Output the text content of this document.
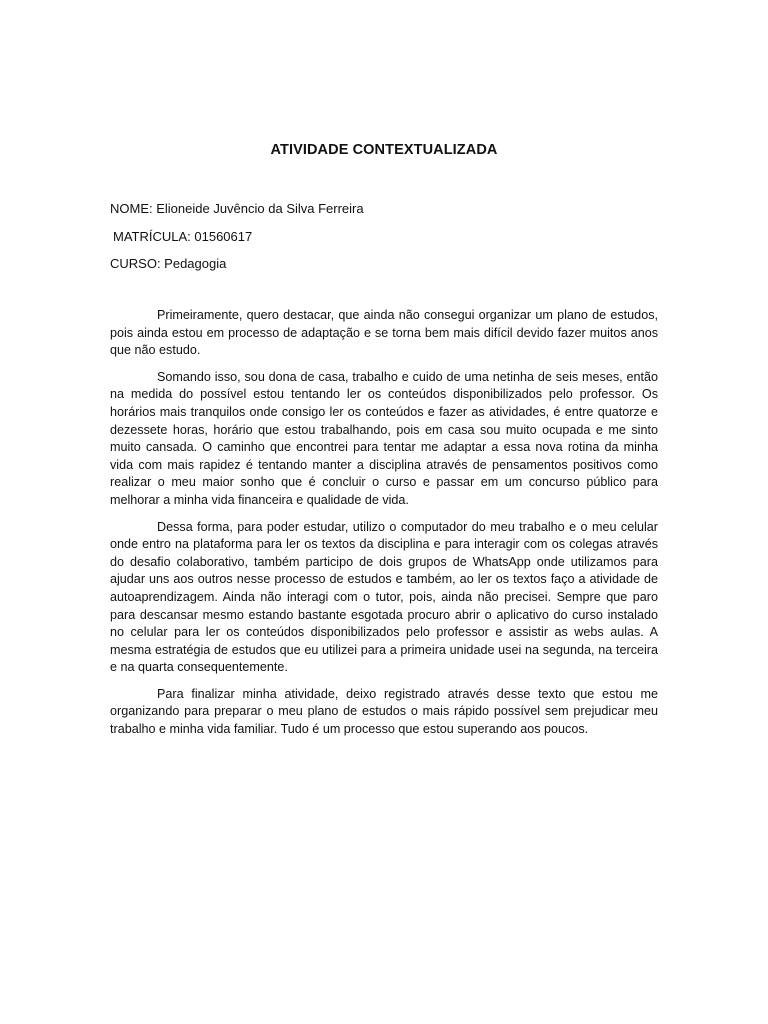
ATIVIDADE CONTEXTUALIZADA
NOME: Elioneide Juvêncio da Silva Ferreira
MATRÍCULA: 01560617
CURSO: Pedagogia

Primeiramente, quero destacar, que ainda não consegui organizar um plano de estudos, pois ainda estou em processo de adaptação e se torna bem mais difícil devido fazer muitos anos que não estudo.

Somando isso, sou dona de casa, trabalho e cuido de uma netinha de seis meses, então na medida do possível estou tentando ler os conteúdos disponibilizados pelo professor. Os horários mais tranquilos onde consigo ler os conteúdos e fazer as atividades, é entre quatorze e dezessete horas, horário que estou trabalhando, pois em casa sou muito ocupada e me sinto muito cansada. O caminho que encontrei para tentar me adaptar a essa nova rotina da minha vida com mais rapidez é tentando manter a disciplina através de pensamentos positivos como realizar o meu maior sonho que é concluir o curso e passar em um concurso público para melhorar a minha vida financeira e qualidade de vida.

Dessa forma, para poder estudar, utilizo o computador do meu trabalho e o meu celular onde entro na plataforma para ler os textos da disciplina e para interagir com os colegas através do desafio colaborativo, também participo de dois grupos de WhatsApp onde utilizamos para ajudar uns aos outros nesse processo de estudos e também, ao ler os textos faço a atividade de autoaprendizagem. Ainda não interagi com o tutor, pois, ainda não precisei. Sempre que paro para descansar mesmo estando bastante esgotada procuro abrir o aplicativo do curso instalado no celular para ler os conteúdos disponibilizados pelo professor e assistir as webs aulas. A mesma estratégia de estudos que eu utilizei para a primeira unidade usei na segunda, na terceira e na quarta consequentemente.

Para finalizar minha atividade, deixo registrado através desse texto que estou me organizando para preparar o meu plano de estudos o mais rápido possível sem prejudicar meu trabalho e minha vida familiar. Tudo é um processo que estou superando aos poucos.
